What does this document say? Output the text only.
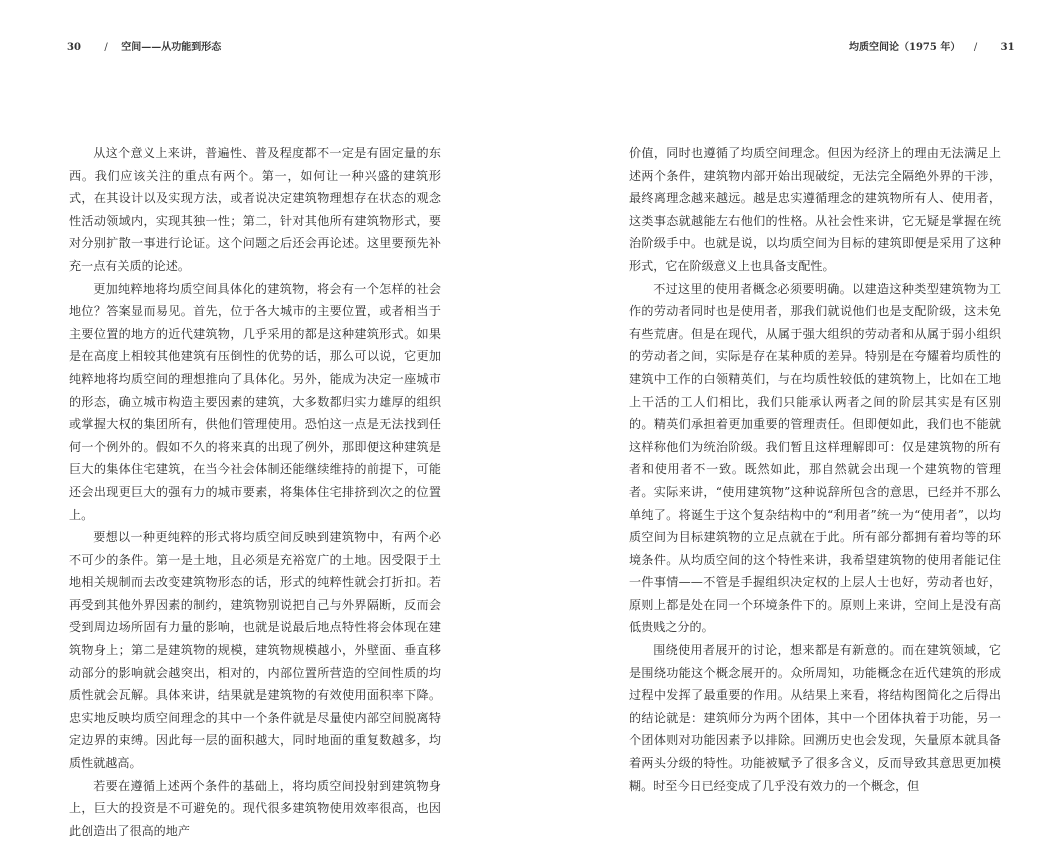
30 / 空间——从功能到形态

从这个意义上来讲，普遍性、普及程度都不一定是有固定量的东西。我们应该关注的重点有两个。第一，如何让一种兴盛的建筑形式，在其设计以及实现方法，或者说决定建筑物理想存在状态的观念性活动领域内，实现其独一性；第二，针对其他所有建筑物形式，要对分别扩散一事进行论证。这个问题之后还会再论述。这里要预先补充一点有关质的论述。

更加纯粹地将均质空间具体化的建筑物，将会有一个怎样的社会地位？答案显而易见。首先，位于各大城市的主要位置，或者相当于主要位置的地方的近代建筑物，几乎采用的都是这种建筑形式。如果是在高度上相较其他建筑有压倒性的优势的话，那么可以说，它更加纯粹地将均质空间的理想推向了具体化。另外，能成为决定一座城市的形态，确立城市构造主要因素的建筑，大多数都归实力雄厚的组织或掌握大权的集团所有，供他们管理使用。恐怕这一点是无法找到任何一个例外的。假如不久的将来真的出现了例外，那即便这种建筑是巨大的集体住宅建筑，在当今社会体制还能继续维持的前提下，可能还会出现更巨大的强有力的城市要素，将集体住宅排挤到次之的位置上。

要想以一种更纯粹的形式将均质空间反映到建筑物中，有两个必不可少的条件。第一是土地，且必须是充裕宽广的土地。因受限于土地相关规制而去改变建筑物形态的话，形式的纯粹性就会打折扣。若再受到其他外界因素的制约，建筑物别说把自己与外界隔断，反而会受到周边场所固有力量的影响，也就是说最后地点特性将会体现在建筑物身上；第二是建筑物的规模，建筑物规模越小，外壁面、垂直移动部分的影响就会越突出，相对的，内部位置所营造的空间性质的均质性就会瓦解。具体来讲，结果就是建筑物的有效使用面积率下降。忠实地反映均质空间理念的其中一个条件就是尽量使内部空间脱离特定边界的束缚。因此每一层的面积越大，同时地面的重复数越多，均质性就越高。

若要在遵循上述两个条件的基础上，将均质空间投射到建筑物身上，巨大的投资是不可避免的。现代很多建筑物使用效率很高，也因此创造出了很高的地产

均质空间论（1975 年） / 31

价值，同时也遵循了均质空间理念。但因为经济上的理由无法满足上述两个条件，建筑物内部开始出现破绽，无法完全隔绝外界的干涉，最终离理念越来越远。越是忠实遵循理念的建筑物所有人、使用者，这类事态就越能左右他们的性格。从社会性来讲，它无疑是掌握在统治阶级手中。也就是说，以均质空间为目标的建筑即便是采用了这种形式，它在阶级意义上也具备支配性。

不过这里的使用者概念必须要明确。以建造这种类型建筑物为工作的劳动者同时也是使用者，那我们就说他们也是支配阶级，这未免有些荒唐。但是在现代，从属于强大组织的劳动者和从属于弱小组织的劳动者之间，实际是存在某种质的差异。特别是在夸耀着均质性的建筑中工作的白领精英们，与在均质性较低的建筑物上，比如在工地上干活的工人们相比，我们只能承认两者之间的阶层其实是有区别的。精英们承担着更加重要的管理责任。但即便如此，我们也不能就这样称他们为统治阶级。我们暂且这样理解即可：仅是建筑物的所有者和使用者不一致。既然如此，那自然就会出现一个建筑物的管理者。实际来讲，“使用建筑物”这种说辞所包含的意思，已经并不那么单纯了。将诞生于这个复杂结构中的“利用者”统一为“使用者”，以均质空间为目标建筑物的立足点就在于此。所有部分都拥有着均等的环境条件。从均质空间的这个特性来讲，我希望建筑物的使用者能记住一件事情——不管是手握组织决定权的上层人士也好，劳动者也好，原则上都是处在同一个环境条件下的。原则上来讲，空间上是没有高低贵贱之分的。

围绕使用者展开的讨论，想来都是有新意的。而在建筑领域，它是围绕功能这个概念展开的。众所周知，功能概念在近代建筑的形成过程中发挥了最重要的作用。从结果上来看，将结构图简化之后得出的结论就是：建筑师分为两个团体，其中一个团体执着于功能，另一个团体则对功能因素予以排除。回溯历史也会发现，矢量原本就具备着两头分级的特性。功能被赋予了很多含义，反而导致其意思更加模糊。时至今日已经变成了几乎没有效力的一个概念，但
